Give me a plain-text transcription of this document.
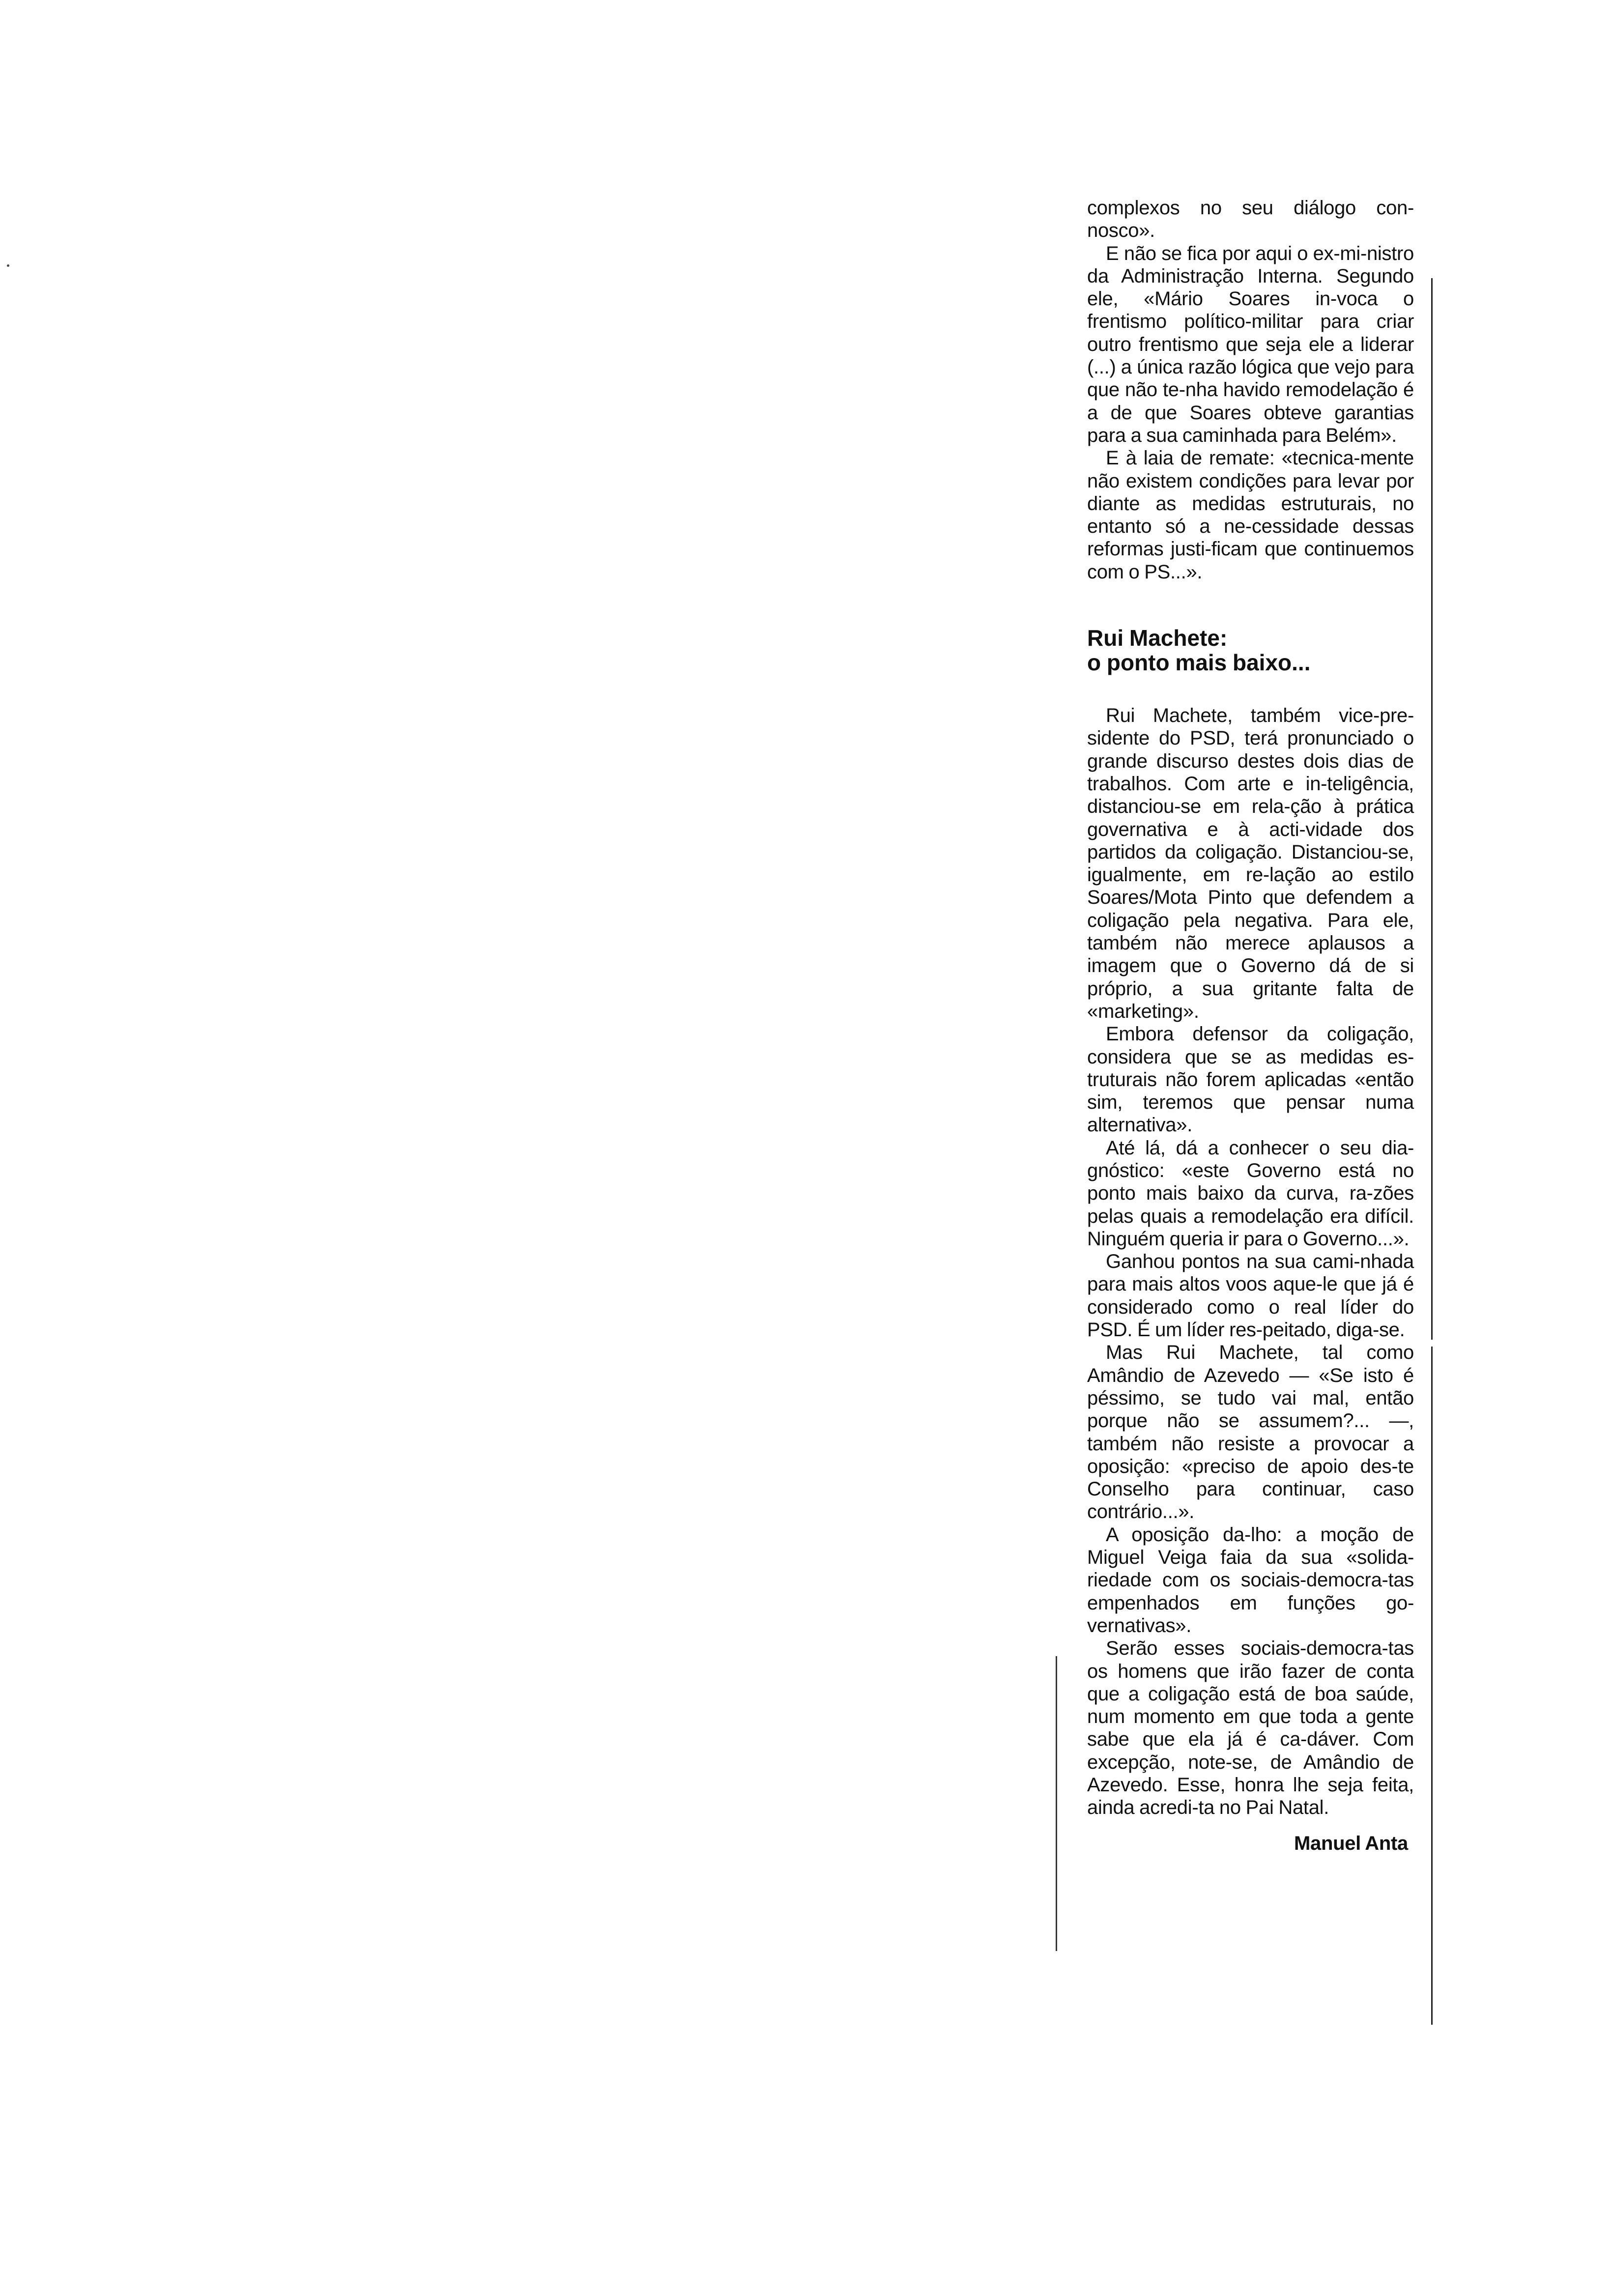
complexos no seu diálogo con-nosco».

E não se fica por aqui o ex-mi-nistro da Administração Interna. Segundo ele, «Mário Soares in-voca o frentismo político-militar para criar outro frentismo que seja ele a liderar (...) a única razão lógica que vejo para que não te-nha havido remodelação é a de que Soares obteve garantias para a sua caminhada para Belém».

E à laia de remate: «tecnica-mente não existem condições para levar por diante as medidas estruturais, no entanto só a ne-cessidade dessas reformas justi-ficam que continuemos com o PS...».

Rui Machete:
o ponto mais baixo...

Rui Machete, também vice-pre-sidente do PSD, terá pronunciado o grande discurso destes dois dias de trabalhos. Com arte e in-teligência, distanciou-se em rela-ção à prática governativa e à acti-vidade dos partidos da coligação. Distanciou-se, igualmente, em re-lação ao estilo Soares/Mota Pinto que defendem a coligação pela negativa. Para ele, também não merece aplausos a imagem que o Governo dá de si próprio, a sua gritante falta de «marketing».

Embora defensor da coligação, considera que se as medidas es-truturais não forem aplicadas «então sim, teremos que pensar numa alternativa».

Até lá, dá a conhecer o seu dia-gnóstico: «este Governo está no ponto mais baixo da curva, ra-zões pelas quais a remodelação era difícil. Ninguém queria ir para o Governo...».

Ganhou pontos na sua cami-nhada para mais altos voos aque-le que já é considerado como o real líder do PSD. É um líder res-peitado, diga-se.

Mas Rui Machete, tal como Amândio de Azevedo — «Se isto é péssimo, se tudo vai mal, então porque não se assumem?... —, também não resiste a provocar a oposição: «preciso de apoio des-te Conselho para continuar, caso contrário...».

A oposição da-lho: a moção de Miguel Veiga faia da sua «solida-riedade com os sociais-democra-tas empenhados em funções go-vernativas».

Serão esses sociais-democra-tas os homens que irão fazer de conta que a coligação está de boa saúde, num momento em que toda a gente sabe que ela já é ca-dáver. Com excepção, note-se, de Amândio de Azevedo. Esse, honra lhe seja feita, ainda acredi-ta no Pai Natal.

Manuel Anta
